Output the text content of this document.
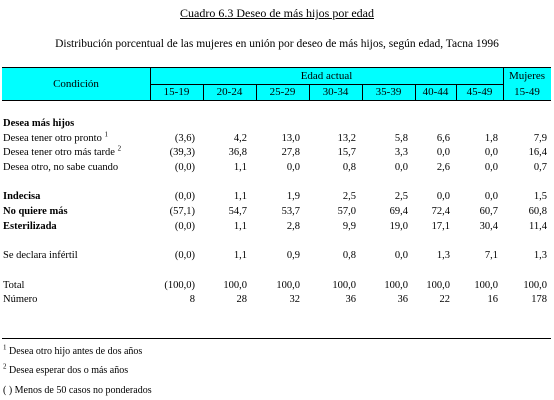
Cuadro 6.3 Deseo de más hijos por edad
Distribución porcentual de las mujeres en unión por deseo de más hijos, según edad, Tacna 1996
Condición
Edad actual	Mujeres
15-49
15-19	20-24	25-29	30-34	35-39	40-44	45-49
Desea más hijos
Desea tener otro pronto $^1$	(3,6)	4,2	13,0	13,2	5,8	6,6	1,8	7,9
Desea tener otro más tarde $^2$	(39,3)	36,8	27,8	15,7	3,3	0,0	0,0	16,4
Desea otro, no sabe cuando	(0,0)	1,1	0,0	0,8	0,0	2,6	0,0	0,7
Indecisa	(0,0)	1,1	1,9	2,5	2,5	0,0	0,0	1,5
No quiere más	(57,1)	54,7	53,7	57,0	69,4 72,4	60,7	60,8
Esterilizada	(0,0)	1,1	2,8	9,9	19,0 17,1	30,4	11,4
Se declara infértil	(0,0)	1,1	0,9	0,8	0,0	1,3	7,1	1,3
Total	(100,0)	100,0	100,0	100,0	100,0 100,0 100,0 100,0
Número	8	28	32	36	36	22	16	178
$^1$ Desea otro hijo antes de dos años
$^2$ Desea esperar dos o más años
( ) Menos de 50 casos no ponderados
